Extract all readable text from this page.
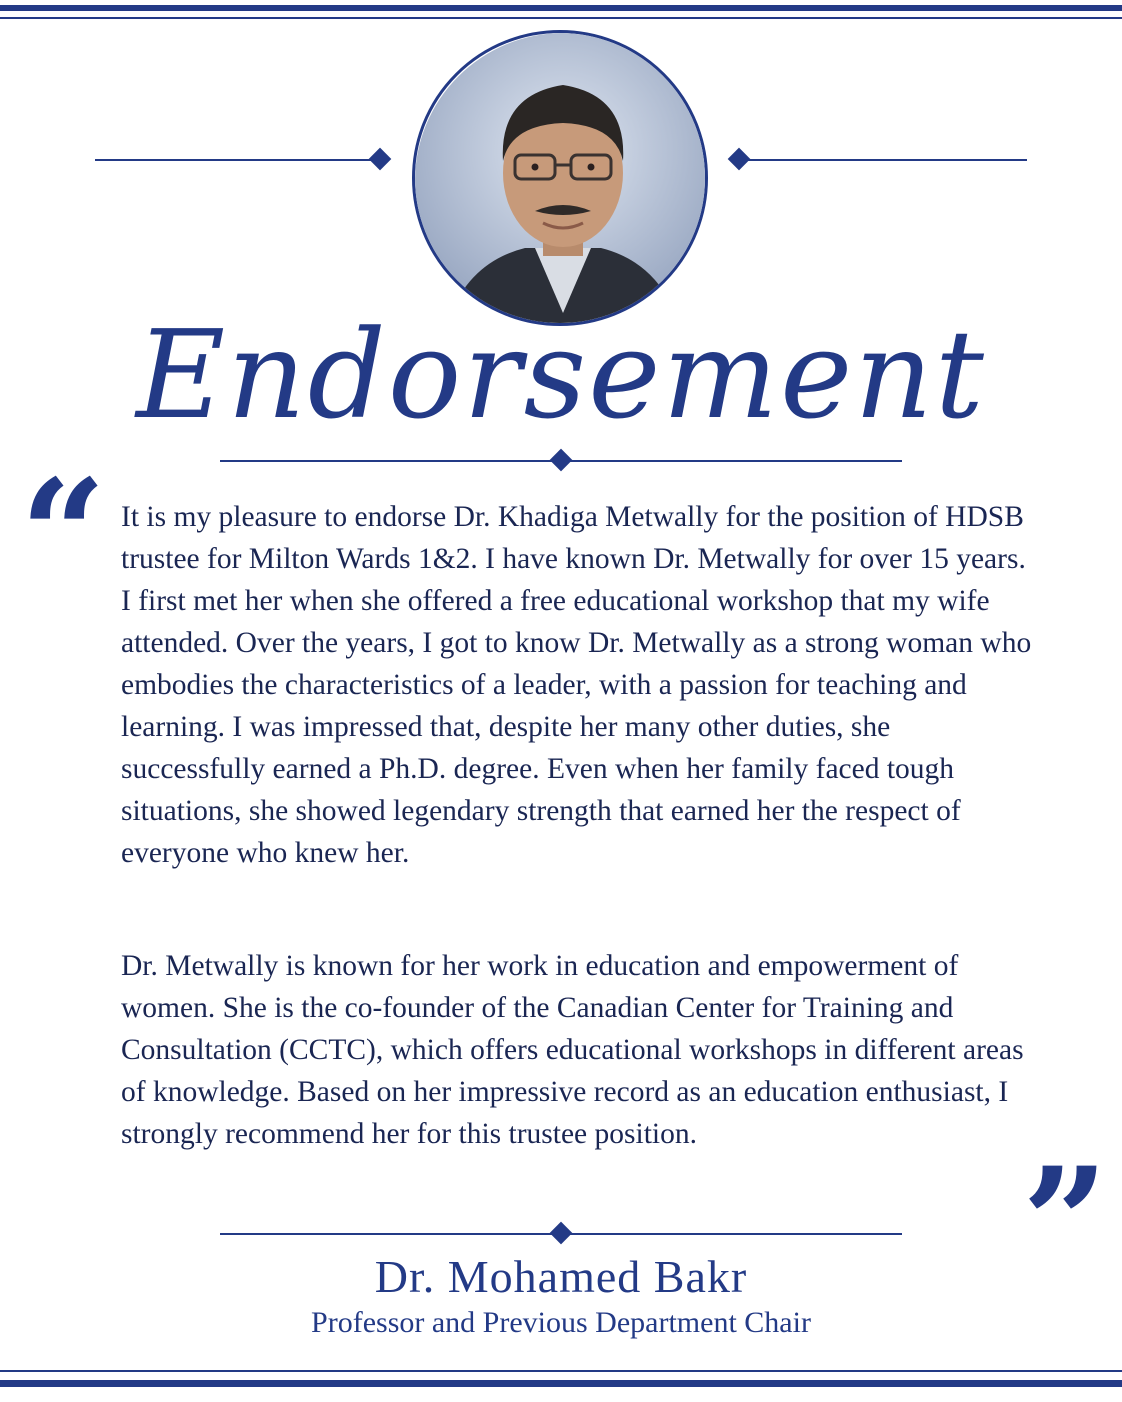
Endorsement
“ It is my pleasure to endorse Dr. Khadiga Metwally for the position of HDSB trustee for Milton Wards 1&2. I have known Dr. Metwally for over 15 years. I first met her when she offered a free educational workshop that my wife attended. Over the years, I got to know Dr. Metwally as a strong woman who embodies the characteristics of a leader, with a passion for teaching and learning. I was impressed that, despite her many other duties, she successfully earned a Ph.D. degree. Even when her family faced tough situations, she showed legendary strength that earned her the respect of everyone who knew her.

Dr. Metwally is known for her work in education and empowerment of women. She is the co-founder of the Canadian Center for Training and Consultation (CCTC), which offers educational workshops in different areas of knowledge. Based on her impressive record as an education enthusiast, I strongly recommend her for this trustee position.

”
Dr. Mohamed Bakr
Professor and Previous Department Chair
